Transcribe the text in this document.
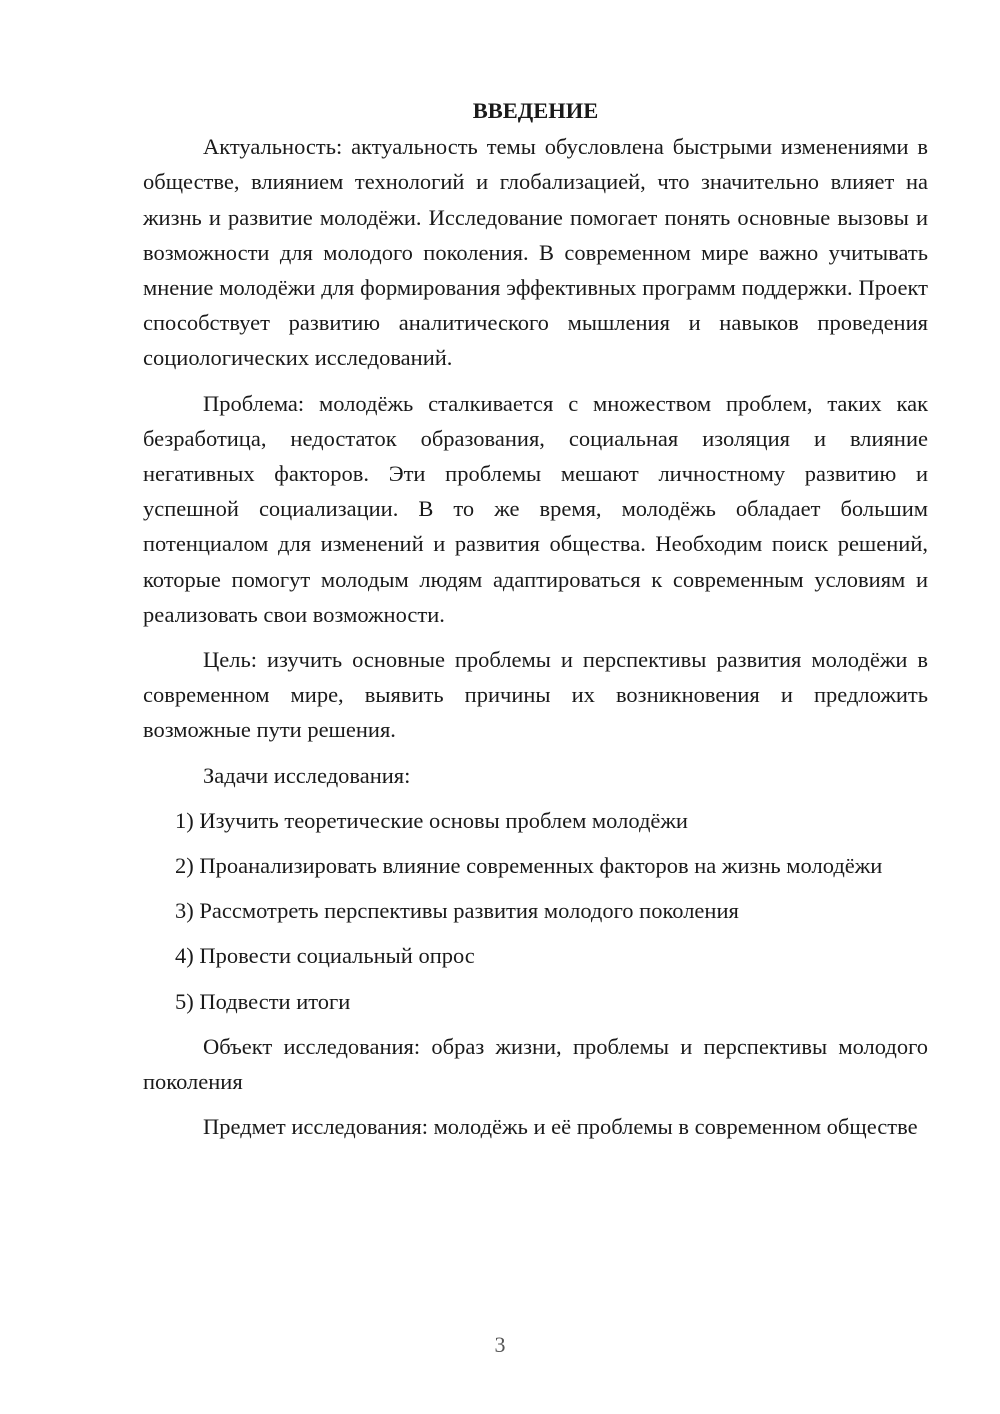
ВВЕДЕНИЕ

Актуальность: актуальность темы обусловлена быстрыми изменениями в обществе, влиянием технологий и глобализацией, что значительно влияет на жизнь и развитие молодёжи. Исследование помогает понять основные вызовы и возможности для молодого поколения. В современном мире важно учитывать мнение молодёжи для формирования эффективных программ поддержки. Проект способствует развитию аналитического мышления и навыков проведения социологических исследований.

Проблема: молодёжь сталкивается с множеством проблем, таких как безработица, недостаток образования, социальная изоляция и влияние негативных факторов. Эти проблемы мешают личностному развитию и успешной социализации. В то же время, молодёжь обладает большим потенциалом для изменений и развития общества. Необходим поиск решений, которые помогут молодым людям адаптироваться к современным условиям и реализовать свои возможности.

Цель: изучить основные проблемы и перспективы развития молодёжи в современном мире, выявить причины их возникновения и предложить возможные пути решения.

Задачи исследования:

1) Изучить теоретические основы проблем молодёжи

2) Проанализировать влияние современных факторов на жизнь молодёжи

3) Рассмотреть перспективы развития молодого поколения

4) Провести социальный опрос

5) Подвести итоги

Объект исследования: образ жизни, проблемы и перспективы молодого поколения

Предмет исследования: молодёжь и её проблемы в современном обществе

3
